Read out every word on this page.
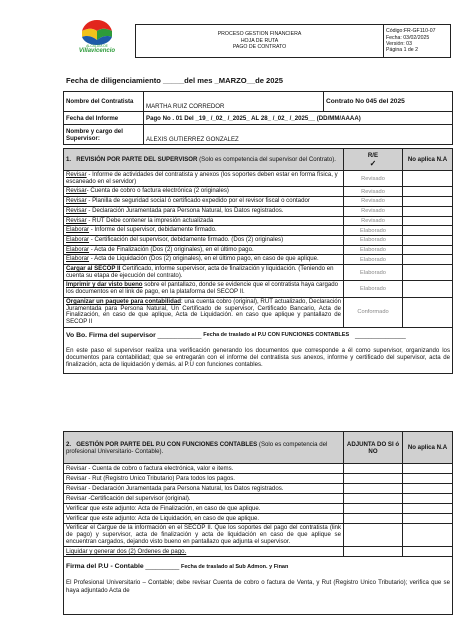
ALCALDÍA DE
Villavicencio
PROCESO GESTION FINANCIERA
HOJA DE RUTA
PAGO DE CONTRATO

Código:FR-GF110-07
Fecha: 03/02/2025
Versión: 03
Página 1 de 2
Fecha de diligenciamiento _____del mes _MARZO__de 2025
Nombre del Contratista	MARTHA RUIZ CORREDOR	Contrato No 045 del 2025
Fecha del Informe	Pago No . 01 Del _19_ /_02_ /_2025_ AL 28_ /_02_ /_2025__ (DD/MM/AAAA)	
Nombre y cargo del Supervisor:	ALEXIS GUTIERREZ GONZALEZ	
1. REVISIÓN POR PARTE DEL SUPERVISOR (Solo es competencia del supervisor del Contrato).	R/E
✓	No aplica N.A
Revisar - Informe de actividades del contratista y anexos (los soportes deben estar en forma física, y escaneado en el servidor)	Revisado	
Revisar- Cuenta de cobro o factura electrónica (2 originales)	Revisado	
Revisar - Planilla de seguridad social ó certificado expedido por el revisor fiscal o contador	Revisado	
Revisar - Declaración Juramentada para Persona Natural, los Datos registrados.	Revisado	
Revisar - RUT Debe contener la impresión actualizada	Revisado	
Elaborar - Informe del supervisor, debidamente firmado.	Elaborado	
Elaborar - Certificación del supervisor, debidamente firmado. (Dos (2) originales)	Elaborado	
Elaborar - Acta de Finalización (Dos (2) originales), en el último pago.	Elaborado	
Elaborar - Acta de Liquidación (Dos (2) originales), en el último pago, en caso de que aplique.	Elaborado	
Cargar al SECOP II Certificado, informe supervisor, acta de finalización y liquidación. (Teniendo en cuenta su etapa de ejecución del contrato).	Elaborado	
Imprimir y dar visto bueno sobre el pantallazo, donde se evidencie que el contratista haya cargado los documentos en el link de pago, en la plataforma del SECOP II.	Elaborado	
Organizar un paquete para contabilidad: una cuenta cobro (original), RUT actualizado, Declaración Juramentada para Persona Natural, Un Certificado de supervisor, Certificado Bancario, Acta de Finalización, en caso de que aplique, Acta de Liquidación. en caso que aplique y pantallazo de SECOP II	Conformado	
Vo Bo. Firma del supervisor _____________ Fecha de traslado al P.U CON FUNCIONES CONTABLES _______________
En este paso el supervisor realiza una verificación generando los documentos que corresponde a él como supervisor, organizando los documentos para contabilidad; que se entregarán con el informe del contratista sus anexos, informe y certificado del supervisor, acta de finalización, acta de liquidación y demás. al P.U con funciones contables.		
2. GESTIÓN POR PARTE DEL P.U CON FUNCIONES CONTABLES (Solo es competencia del profesional Universitario- Contable).	ADJUNTA DO SI ó NO	No aplica N.A
Revisar - Cuenta de cobro o factura electrónica, valor e items.		
Revisar - Rut (Registro Unico Tributario) Para todos los pagos.		
Revisar - Declaración Juramentada para Persona Natural, los Datos registrados.		
Revisar -Certificación del supervisor (original).		
Verificar que este adjunto: Acta de Finalización, en caso de que aplique.		
Verificar que este adjunto: Acta de Liquidación, en caso de que aplique.		
Verificar el Cargue de la información en el SECOP II. Que los soportes del pago del contratista (link de pago) y supervisor, acta de finalización y acta de liquidación en caso de que aplique se encuentran cargados, dejando visto bueno en pantallazo que adjunta el supervisor.		
Liquidar y generar dos (2) Ordenes de pago.		
Firma del P.U - Contable __________ Fecha de traslado al Sub Admon. y Finan
El Profesional Universitario – Contable; debe revisar Cuenta de cobro o factura de Venta, y Rut (Registro Unico Tributario); verifica que se haya adjuntado Acta de		
